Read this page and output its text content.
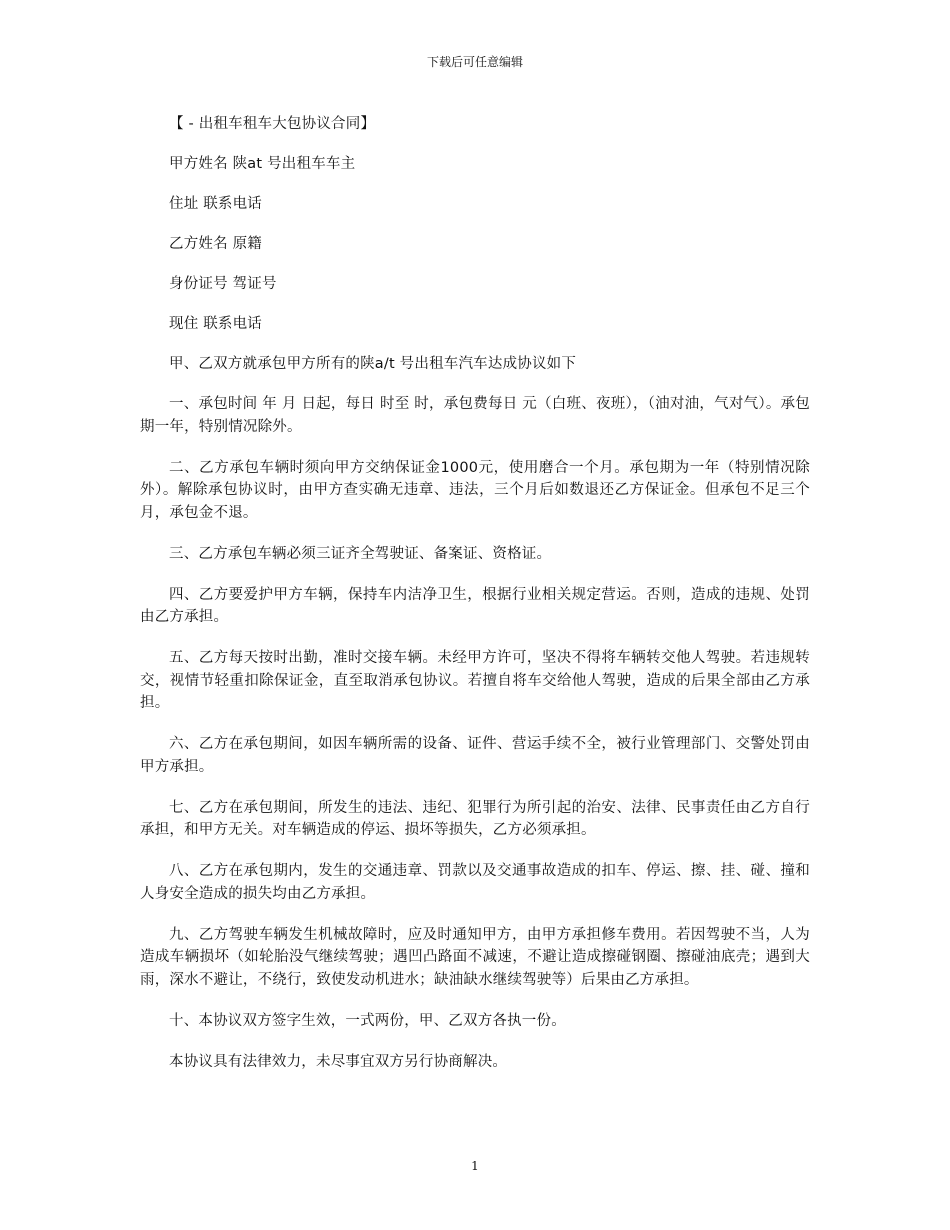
下载后可任意编辑

【 - 出租车租车大包协议合同】

甲方姓名 陕at 号出租车车主

住址 联系电话

乙方姓名 原籍

身份证号 驾证号

现住 联系电话

甲、乙双方就承包甲方所有的陕a/t 号出租车汽车达成协议如下

一、承包时间 年 月 日起，每日 时至 时，承包费每日 元（白班、夜班），（油对油，气对气）。承包期一年，特别情况除外。

二、乙方承包车辆时须向甲方交纳保证金1000元，使用磨合一个月。承包期为一年（特别情况除外）。解除承包协议时，由甲方查实确无违章、违法，三个月后如数退还乙方保证金。但承包不足三个月，承包金不退。

三、乙方承包车辆必须三证齐全驾驶证、备案证、资格证。

四、乙方要爱护甲方车辆，保持车内洁净卫生，根据行业相关规定营运。否则，造成的违规、处罚由乙方承担。

五、乙方每天按时出勤，准时交接车辆。未经甲方许可，坚决不得将车辆转交他人驾驶。若违规转交，视情节轻重扣除保证金，直至取消承包协议。若擅自将车交给他人驾驶，造成的后果全部由乙方承担。

六、乙方在承包期间，如因车辆所需的设备、证件、营运手续不全，被行业管理部门、交警处罚由甲方承担。

七、乙方在承包期间，所发生的违法、违纪、犯罪行为所引起的治安、法律、民事责任由乙方自行承担，和甲方无关。对车辆造成的停运、损坏等损失，乙方必须承担。

八、乙方在承包期内，发生的交通违章、罚款以及交通事故造成的扣车、停运、擦、挂、碰、撞和人身安全造成的损失均由乙方承担。

九、乙方驾驶车辆发生机械故障时，应及时通知甲方，由甲方承担修车费用。若因驾驶不当，人为造成车辆损坏（如轮胎没气继续驾驶；遇凹凸路面不减速，不避让造成擦碰钢圈、擦碰油底壳；遇到大雨，深水不避让，不绕行，致使发动机进水；缺油缺水继续驾驶等）后果由乙方承担。

十、本协议双方签字生效，一式两份，甲、乙双方各执一份。

本协议具有法律效力，未尽事宜双方另行协商解决。

1
